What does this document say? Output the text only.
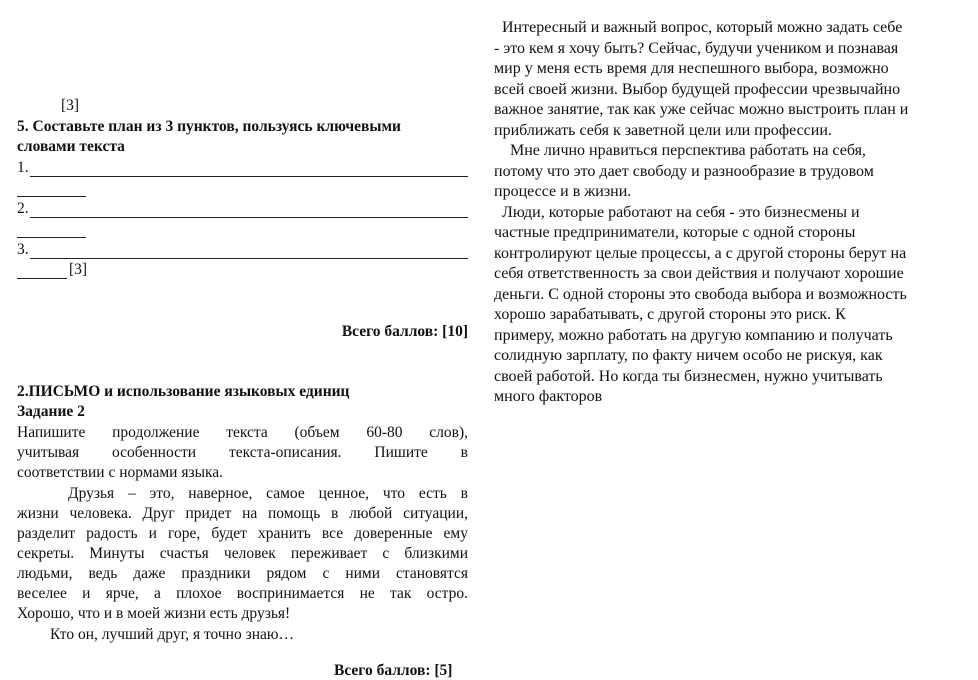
[3]
5. Составьте план из 3 пунктов, пользуясь ключевыми
словами текста
1.
2.
3.
[3]
Всего баллов: [10]
2.ПИСЬМО и использование языковых единиц
Задание 2
Напишите продолжение текста (объем 60-80 слов),
учитывая особенности текста-описания. Пишите в
соответствии с нормами языка.
Друзья – это, наверное, самое ценное, что есть в
жизни человека. Друг придет на помощь в любой ситуации,
разделит радость и горе, будет хранить все доверенные ему
секреты. Минуты счастья человек переживает с близкими
людьми, ведь даже праздники рядом с ними становятся
веселее и ярче, а плохое воспринимается не так остро.
Хорошо, что и в моей жизни есть друзья!
Кто он, лучший друг, я точно знаю…
Всего баллов: [5]

Интересный и важный вопрос, который можно задать себе

- это кем я хочу быть? Сейчас, будучи учеником и познавая

мир у меня есть время для неспешного выбора, возможно

всей своей жизни. Выбор будущей профессии чрезвычайно

важное занятие, так как уже сейчас можно выстроить план и

приближать себя к заветной цели или профессии.

Мне лично нравиться перспектива работать на себя,

потому что это дает свободу и разнообразие в трудовом

процессе и в жизни.

Люди, которые работают на себя - это бизнесмены и

частные предприниматели, которые с одной стороны

контролируют целые процессы, а с другой стороны берут на

себя ответственность за свои действия и получают хорошие

деньги. С одной стороны это свобода выбора и возможность

хорошо зарабатывать, с другой стороны это риск. К

примеру, можно работать на другую компанию и получать

солидную зарплату, по факту ничем особо не рискуя, как

своей работой. Но когда ты бизнесмен, нужно учитывать

много факторов
